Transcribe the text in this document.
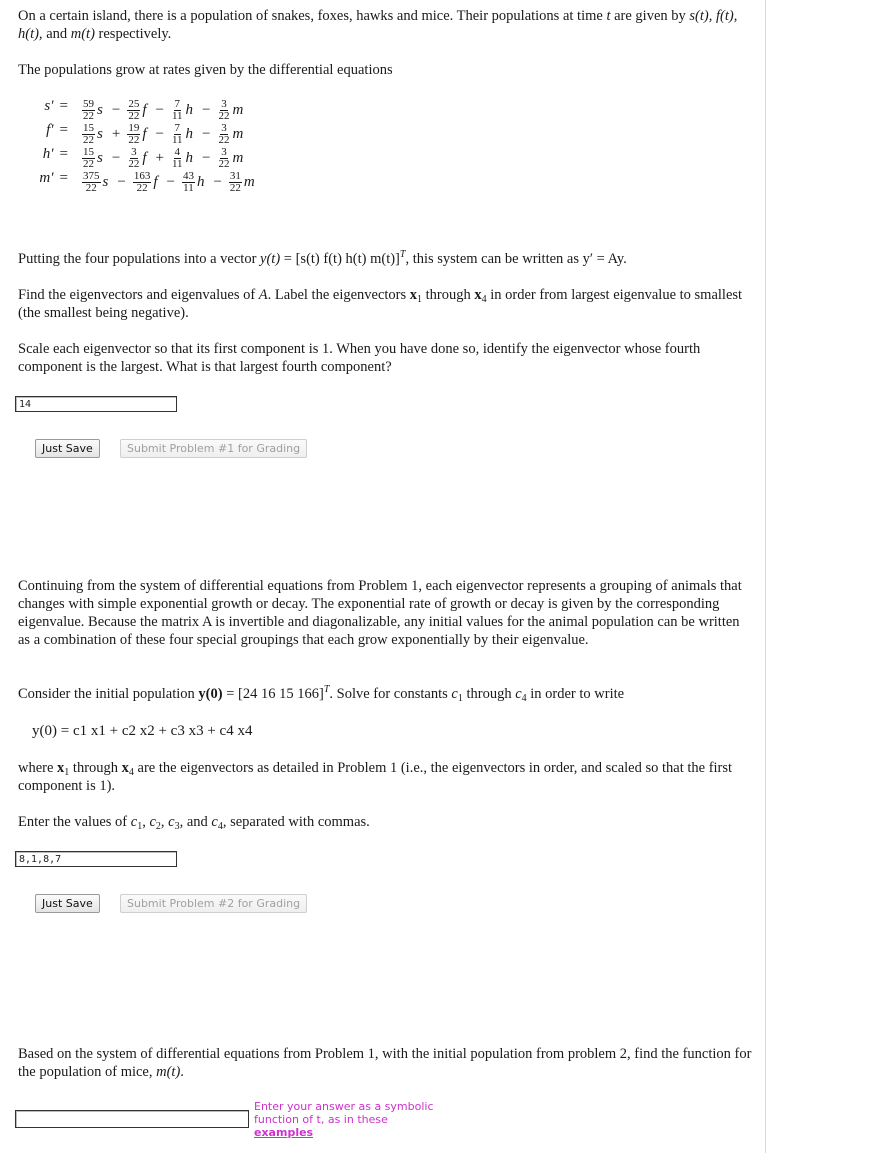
On a certain island, there is a population of snakes, foxes, hawks and mice. Their populations at time t are given by s(t), f(t), h(t), and m(t) respectively.

The populations grow at rates given by the differential equations

$s' = \frac{59}{22}$ $s - \frac{25}{22}$ $f - \frac{7}{11}$ $h - \frac{3}{22}$ m
$f' = \frac{15}{22}$ $s + \frac{19}{22}$ $f - \frac{7}{11}$ $h - \frac{3}{22}$ m
$h' = \frac{15}{22}$ $s - \frac{3}{22}$ $f + \frac{4}{11}$ $h - \frac{3}{22}$ m
$m' = \frac{375}{22}$ $s - \frac{163}{22}$ $f - \frac{43}{11}$ $h - \frac{31}{22}$ m

Putting the four populations into a vector y(t) = [s(t) f(t) h(t) m(t)]$^T$, this system can be written as y′ = Ay.

Find the eigenvectors and eigenvalues of A. Label the eigenvectors $x_1$ through $x_4$ in order from largest eigenvalue to smallest (the smallest being negative).

Scale each eigenvector so that its first component is 1. When you have done so, identify the eigenvector whose fourth component is the largest. What is that largest fourth component?

14
Just Save	Submit Problem #1 for Grading

Continuing from the system of differential equations from Problem 1, each eigenvector represents a grouping of animals that changes with simple exponential growth or decay. The exponential rate of growth or decay is given by the corresponding eigenvalue. Because the matrix A is invertible and diagonalizable, any initial values for the animal population can be written as a combination of these four special groupings that each grow exponentially by their eigenvalue.

Consider the initial population y(0) = [24 16 15 166]$^T$. Solve for constants $c_1$ through $c_4$ in order to write

y(0) = c1 x1 + c2 x2 + c3 x3 + c4 x4

where $x_1$ through $x_4$ are the eigenvectors as detailed in Problem 1 (i.e., the eigenvectors in order, and scaled so that the first component is 1).

Enter the values of $c_1$, $c_2$, $c_3$, and $c_4$, separated with commas.

8,1,8,7
Just Save	Submit Problem #2 for Grading

Based on the system of differential equations from Problem 1, with the initial population from problem 2, find the function for the population of mice, m(t).

Enter your answer as a symbolic
function of t, as in these
examples
